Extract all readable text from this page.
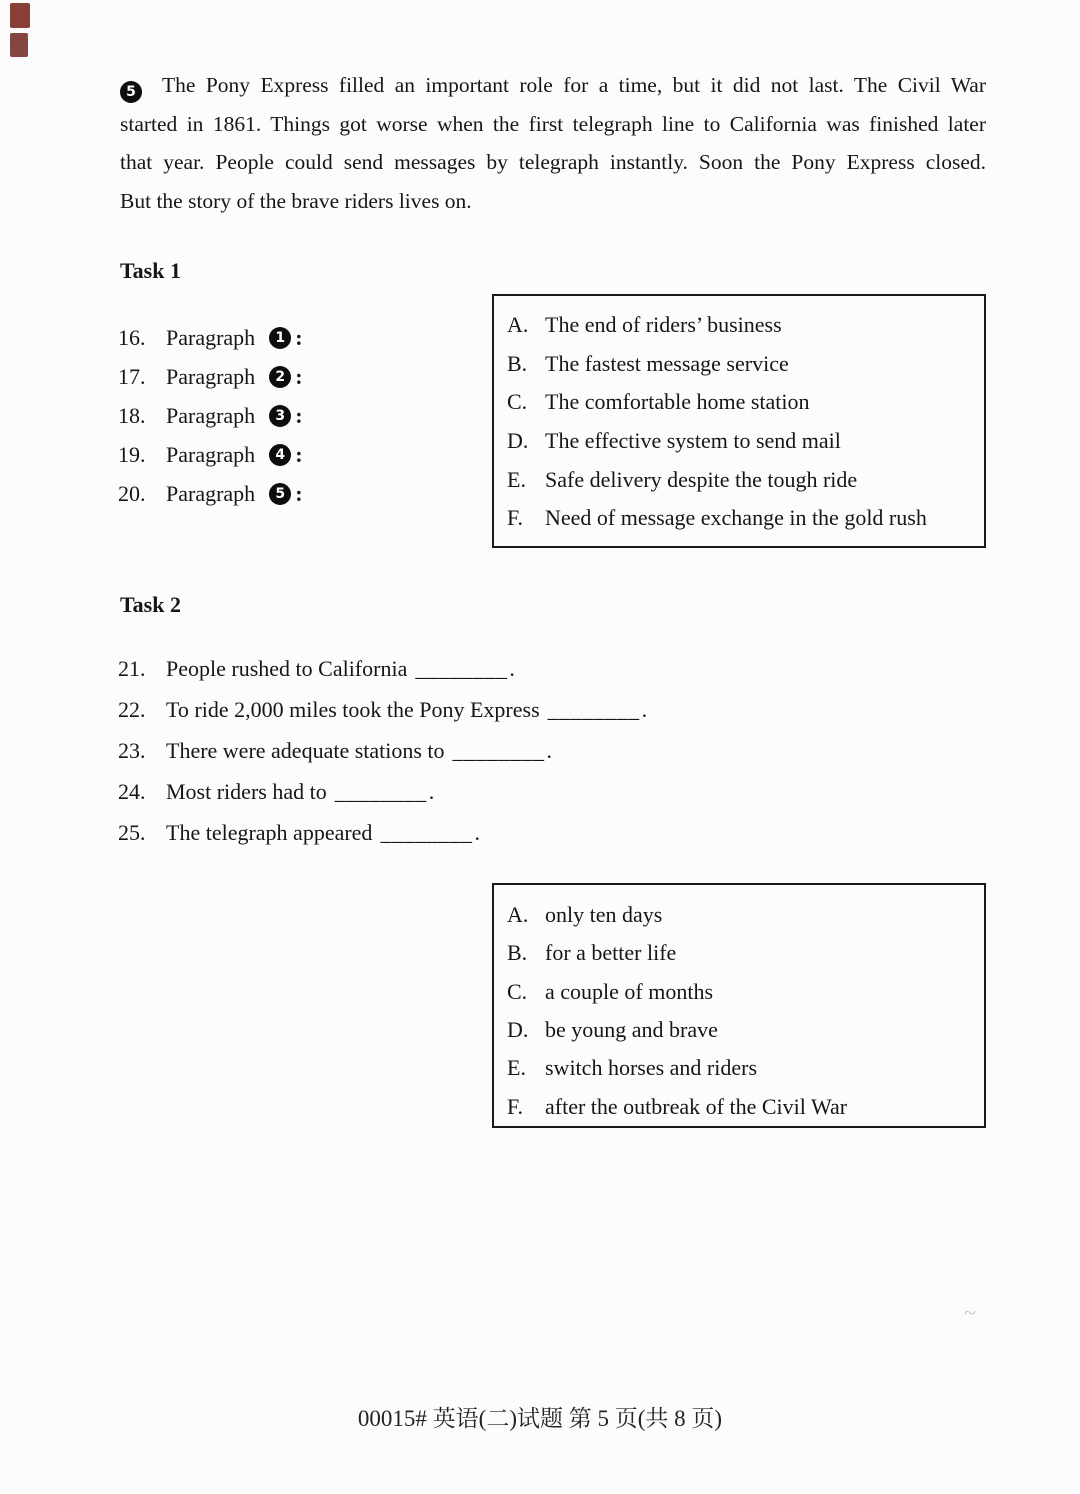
~
5 The Pony Express filled an important role for a time, but it did not last. The Civil War
started in 1861. Things got worse when the first telegraph line to California was finished later
that year. People could send messages by telegraph instantly. Soon the Pony Express closed.
But the story of the brave riders lives on.
Task 1
16. Paragraph	1 :
17. Paragraph	2 :
18. Paragraph	3 :
19. Paragraph	4 :
20. Paragraph	5 :
A. The end of riders’ business
B. The fastest message service
C. The comfortable home station
D. The effective system to send mail
E. Safe delivery despite the tough ride
F.	Need of message exchange in the gold rush
Task 2
21. People rushed to California ________ .
22. To ride 2,000 miles took the Pony Express ________ .
23. There were adequate stations to ________ .
24. Most riders had to ________ .
25. The telegraph appeared ________ .
A. only ten days
B. for a better life
C. a couple of months
D. be young and brave
E. switch horses and riders
F.	after the outbreak of the Civil War
00015# 英语(二)试题 第 5 页(共 8 页)
